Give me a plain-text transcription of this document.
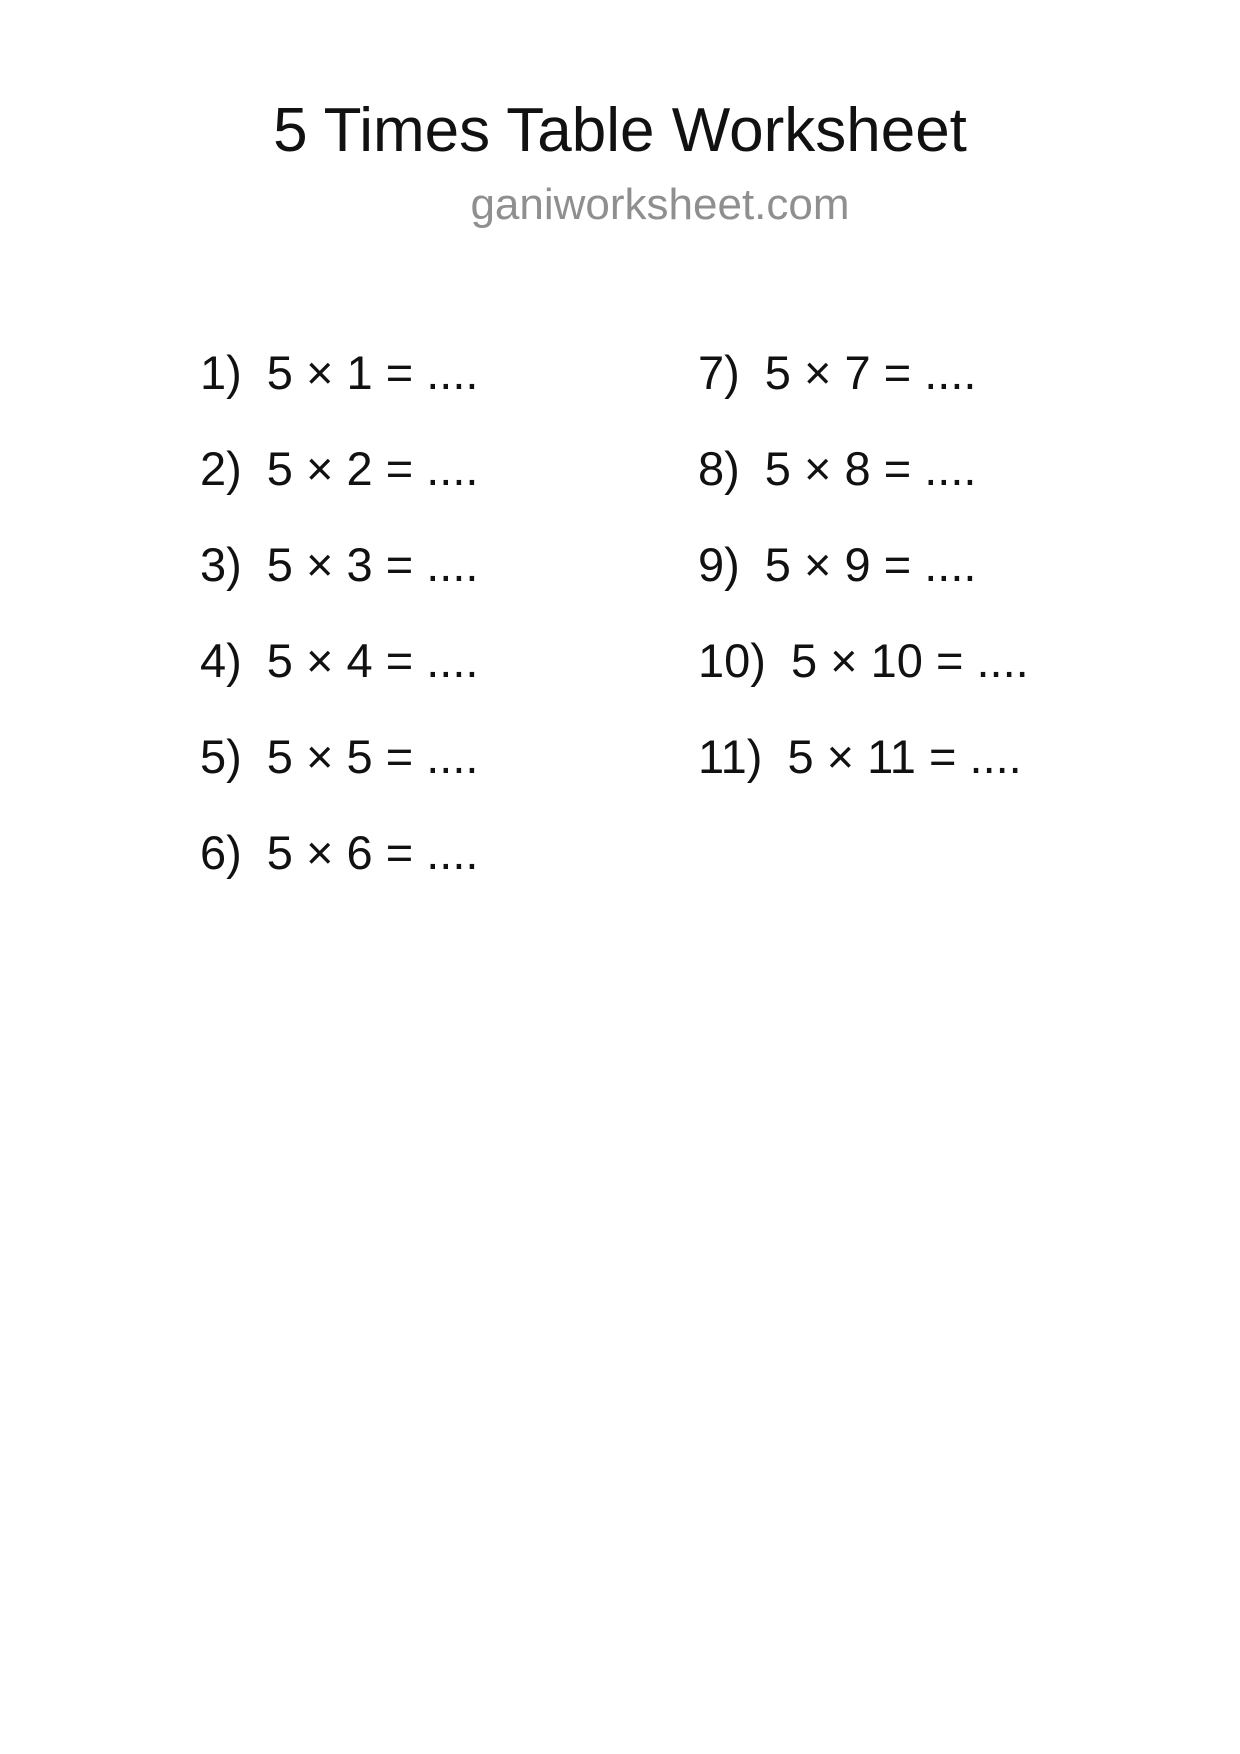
5 Times Table Worksheet
ganiworksheet.com
1) 5 × 1 = ....
2) 5 × 2 = ....
3) 5 × 3 = ....
4) 5 × 4 = ....
5) 5 × 5 = ....
6) 5 × 6 = ....
7) 5 × 7 = ....
8) 5 × 8 = ....
9) 5 × 9 = ....
10) 5 × 10 = ....
11) 5 × 11 = ....
